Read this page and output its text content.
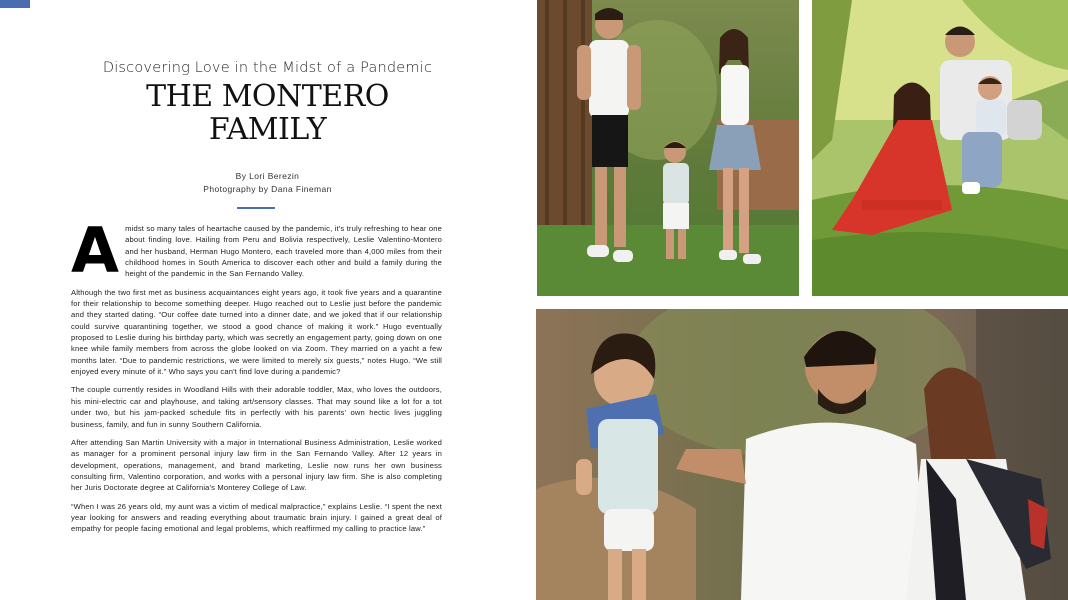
Discovering Love in the Midst of a Pandemic
THE MONTERO
FAMILY
By Lori Berezin
Photography by Dana Fineman

Amidst so many tales of heartache caused by the pandemic, it's truly refreshing to hear one about finding love. Hailing from Peru and Bolivia respectively, Leslie Valentino-Montero and her husband, Herman Hugo Montero, each traveled more than 4,000 miles from their childhood homes in South America to discover each other and build a family during the height of the pandemic in the San Fernando Valley.

Although the two first met as business acquaintances eight years ago, it took five years and a quarantine for their relationship to become something deeper. Hugo reached out to Leslie just before the pandemic and they started dating. “Our coffee date turned into a dinner date, and we joked that if our relationship could survive quarantining together, we stood a good chance of making it work.” Hugo eventually proposed to Leslie during his birthday party, which was secretly an engagement party, going down on one knee while family members from across the globe looked on via Zoom. They married on a yacht a few months later. “Due to pandemic restrictions, we were limited to merely six guests,” notes Hugo. “We still enjoyed every minute of it.” Who says you can't find love during a pandemic?

The couple currently resides in Woodland Hills with their adorable toddler, Max, who loves the outdoors, his mini-electric car and playhouse, and taking art/sensory classes. That may sound like a lot for a tot under two, but his jam-packed schedule fits in perfectly with his parents' own hectic lives juggling business, family, and fun in sunny Southern California.

After attending San Martin University with a major in International Business Administration, Leslie worked as manager for a prominent personal injury law firm in the San Fernando Valley. After 12 years in development, operations, management, and brand marketing, Leslie now runs her own business consulting firm, Valentino corporation, and works with a personal injury law firm. She is also completing her Juris Doctorate degree at California's Monterey College of Law.

“When I was 26 years old, my aunt was a victim of medical malpractice,” explains Leslie. “I spent the next year looking for answers and reading everything about traumatic brain injury. I gained a great deal of empathy for people facing emotional and legal problems, which reaffirmed my calling to practice law.”
